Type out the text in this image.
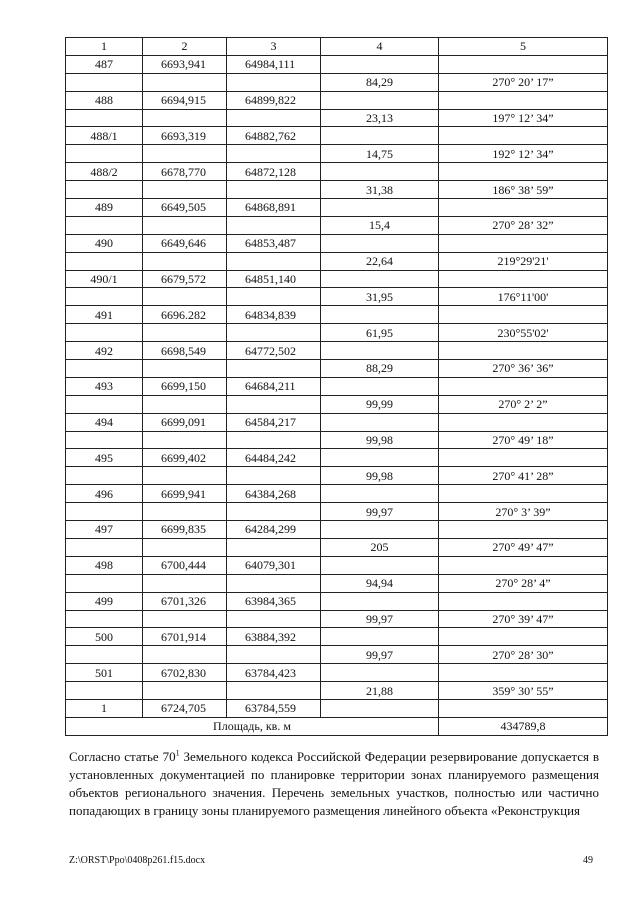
1	2	3	4	5
487	6693,941	64984,111		
			84,29	270° 20’ 17”
488	6694,915	64899,822		
			23,13	197° 12’ 34”
488/1	6693,319	64882,762		
			14,75	192° 12’ 34”
488/2	6678,770	64872,128		
			31,38	186° 38’ 59”
489	6649,505	64868,891		
			15,4	270° 28’ 32”
490	6649,646	64853,487		
			22,64	219°29'21'
490/1	6679,572	64851,140		
			31,95	176°11'00'
491	6696.282	64834,839		
			61,95	230°55'02'
492	6698,549	64772,502		
			88,29	270° 36’ 36”
493	6699,150	64684,211		
			99,99	270° 2’ 2”
494	6699,091	64584,217		
			99,98	270° 49’ 18”
495	6699,402	64484,242		
			99,98	270° 41’ 28”
496	6699,941	64384,268		
			99,97	270° 3’ 39”
497	6699,835	64284,299		
			205	270° 49’ 47”
498	6700,444	64079,301		
			94,94	270° 28’ 4”
499	6701,326	63984,365		
			99,97	270° 39’ 47”
500	6701,914	63884,392		
			99,97	270° 28’ 30”
501	6702,830	63784,423		
			21,88	359° 30’ 55”
1	6724,705	63784,559		
Площадь, кв. м				434789,8

Согласно статье $70^1$ Земельного кодекса Российской Федерации резервирование допускается в установленных документацией по планировке территории зонах планируемого размещения объектов регионального значения. Перечень земельных участков, полностью или частично попадающих в границу зоны планируемого размещения линейного объекта «Реконструкция

Z:\ORST\Ppo\0408p261.f15.docx	49
